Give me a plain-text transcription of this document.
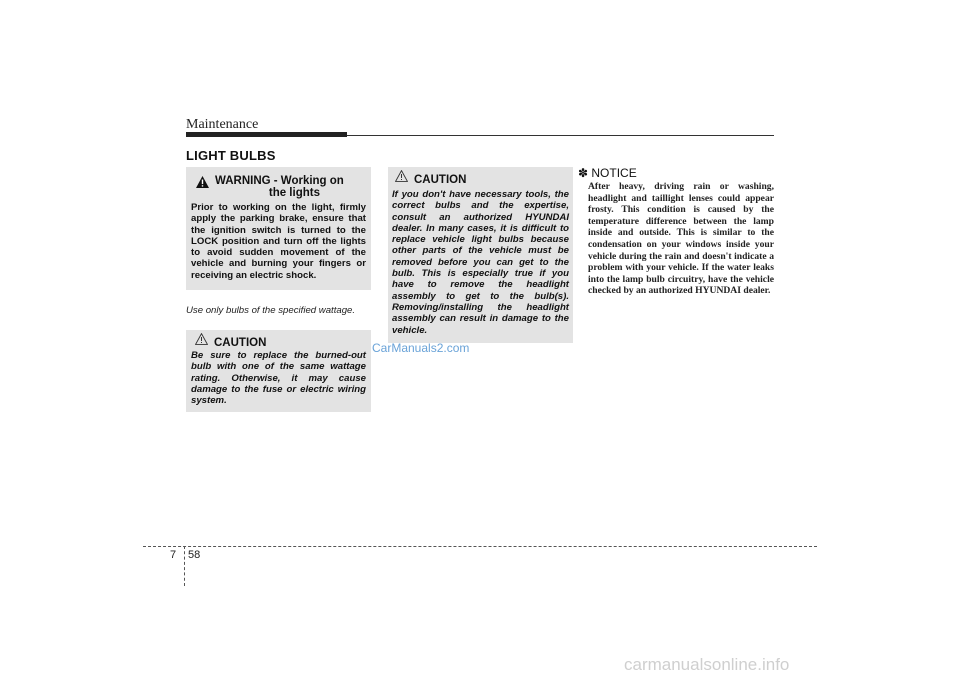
Maintenance
LIGHT BULBS
WARNING - Working on
the lights
Prior to working on the light, firmly apply the parking brake, ensure that the ignition switch is turned to the LOCK position and turn off the lights to avoid sudden movement of the vehicle and burning your fingers or receiving an electric shock.
Use only bulbs of the specified wattage.
CAUTION
Be sure to replace the burned-out bulb with one of the same wattage rating. Otherwise, it may cause damage to the fuse or electric wiring system.
CAUTION
If you don't have necessary tools, the correct bulbs and the expertise, consult an authorized HYUNDAI dealer. In many cases, it is difficult to replace vehicle light bulbs because other parts of the vehicle must be removed before you can get to the bulb. This is especially true if you have to remove the headlight assembly to get to the bulb(s). Removing/installing the headlight assembly can result in damage to the vehicle.
CarManuals2.com
✽ NOTICE
After heavy, driving rain or washing, headlight and taillight lenses could appear frosty. This condition is caused by the temperature difference between the lamp inside and outside. This is similar to the condensation on your windows inside your vehicle during the rain and doesn't indicate a problem with your vehicle. If the water leaks into the lamp bulb circuitry, have the vehicle checked by an authorized HYUNDAI dealer.
7 58
carmanualsonline.info
